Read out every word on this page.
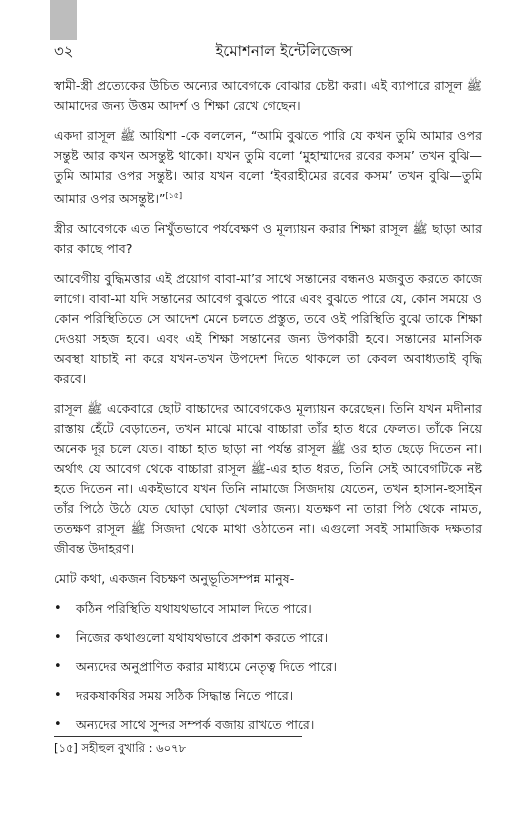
৩২	ইমোশনাল ইন্টেলিজেন্স

স্বামী-স্ত্রী প্রত্যেকের উচিত অন্যের আবেগকে বোঝার চেষ্টা করা। এই ব্যাপারে রাসূল ﷺ আমাদের জন্য উত্তম আদর্শ ও শিক্ষা রেখে গেছেন।

একদা রাসূল ﷺ আয়িশা -কে বললেন, “আমি বুঝতে পারি যে কখন তুমি আমার ওপর সন্তুষ্ট আর কখন অসন্তুষ্ট থাকো। যখন তুমি বলো ‘মুহাম্মাদের রবের কসম’ তখন বুঝি—তুমি আমার ওপর সন্তুষ্ট। আর যখন বলো ‘ইবরাহীমের রবের কসম’ তখন বুঝি—তুমি আমার ওপর অসন্তুষ্ট।”[১৫]

স্ত্রীর আবেগকে এত নিখুঁতভাবে পর্যবেক্ষণ ও মূল্যায়ন করার শিক্ষা রাসূল ﷺ ছাড়া আর কার কাছে পাব?

আবেগীয় বুদ্ধিমত্তার এই প্রয়োগ বাবা-মা’র সাথে সন্তানের বন্ধনও মজবুত করতে কাজে লাগে। বাবা-মা যদি সন্তানের আবেগ বুঝতে পারে এবং বুঝতে পারে যে, কোন সময়ে ও কোন পরিস্থিতিতে সে আদেশ মেনে চলতে প্রস্তুত, তবে ওই পরিস্থিতি বুঝে তাকে শিক্ষা দেওয়া সহজ হবে। এবং এই শিক্ষা সন্তানের জন্য উপকারী হবে। সন্তানের মানসিক অবস্থা যাচাই না করে যখন-তখন উপদেশ দিতে থাকলে তা কেবল অবাধ্যতাই বৃদ্ধি করবে।

রাসূল ﷺ একেবারে ছোট বাচ্চাদের আবেগকেও মূল্যায়ন করেছেন। তিনি যখন মদীনার রাস্তায় হেঁটে বেড়াতেন, তখন মাঝে মাঝে বাচ্চারা তাঁর হাত ধরে ফেলত। তাঁকে নিয়ে অনেক দূর চলে যেত। বাচ্চা হাত ছাড়া না পর্যন্ত রাসূল ﷺ ওর হাত ছেড়ে দিতেন না। অর্থাৎ যে আবেগ থেকে বাচ্চারা রাসূল ﷺ-এর হাত ধরত, তিনি সেই আবেগটিকে নষ্ট হতে দিতেন না। একইভাবে যখন তিনি নামাজে সিজদায় যেতেন, তখন হাসান-হুসাইন তাঁর পিঠে উঠে যেত ঘোড়া ঘোড়া খেলার জন্য। যতক্ষণ না তারা পিঠ থেকে নামত, ততক্ষণ রাসূল ﷺ সিজদা থেকে মাথা ওঠাতেন না। এগুলো সবই সামাজিক দক্ষতার জীবন্ত উদাহরণ।

মোট কথা, একজন বিচক্ষণ অনুভূতিসম্পন্ন মানুষ-

• কঠিন পরিস্থিতি যথাযথভাবে সামাল দিতে পারে।
• নিজের কথাগুলো যথাযথভাবে প্রকাশ করতে পারে।
• অন্যদের অনুপ্রাণিত করার মাধ্যমে নেতৃত্ব দিতে পারে।
• দরকষাকষির সময় সঠিক সিদ্ধান্ত নিতে পারে।
• অন্যদের সাথে সুন্দর সম্পর্ক বজায় রাখতে পারে।
[১৫] সহীহুল বুখারি : ৬০৭৮
